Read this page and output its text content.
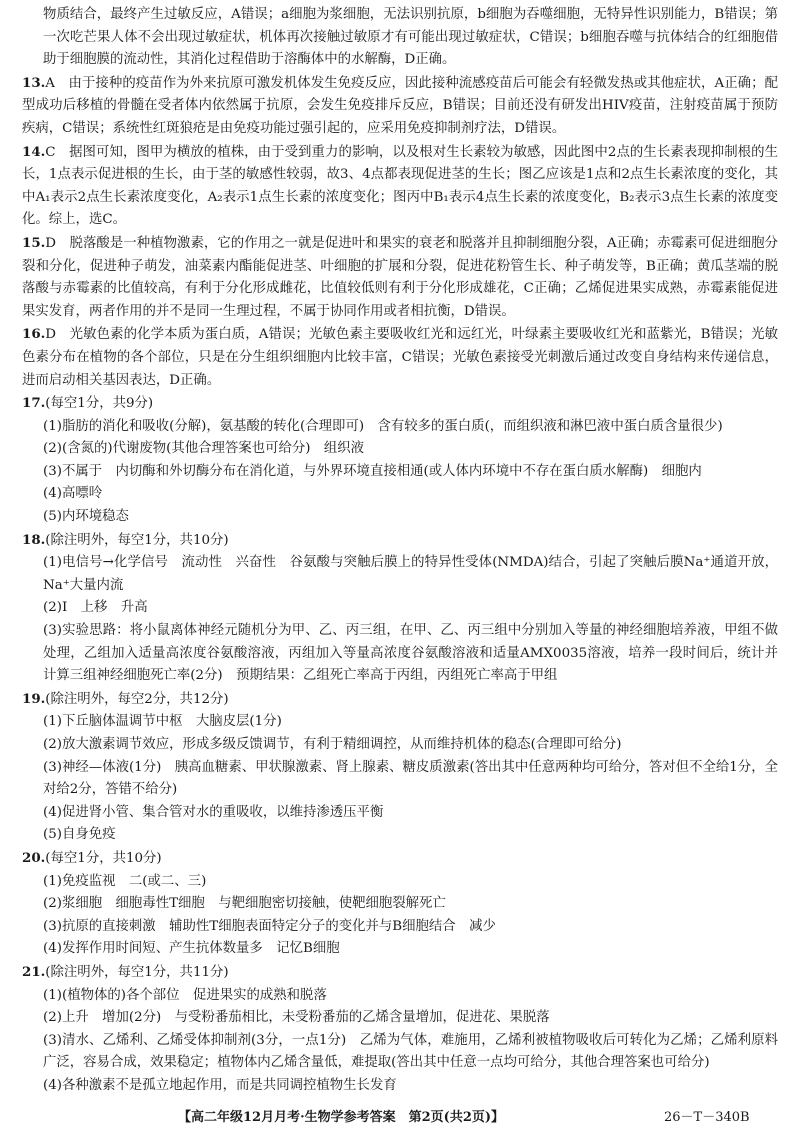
物质结合，最终产生过敏反应，A错误；a细胞为浆细胞，无法识别抗原，b细胞为吞噬细胞，无特异性识别能力，B错误；第一次吃芒果人体不会出现过敏症状，机体再次接触过敏原才有可能出现过敏症状，C错误；b细胞吞噬与抗体结合的红细胞借助于细胞膜的流动性，其消化过程借助于溶酶体中的水解酶，D正确。
13.A　由于接种的疫苗作为外来抗原可激发机体发生免疫反应，因此接种流感疫苗后可能会有轻微发热或其他症状，A正确；配型成功后移植的骨髓在受者体内依然属于抗原，会发生免疫排斥反应，B错误；目前还没有研发出HIV疫苗，注射疫苗属于预防疾病，C错误；系统性红斑狼疮是由免疫功能过强引起的，应采用免疫抑制剂疗法，D错误。
14.C　据图可知，图甲为横放的植株，由于受到重力的影响，以及根对生长素较为敏感，因此图中2点的生长素表现抑制根的生长，1点表示促进根的生长，由于茎的敏感性较弱，故3、4点都表现促进茎的生长；图乙应该是1点和2点生长素浓度的变化，其中A₁表示2点生长素浓度变化，A₂表示1点生长素的浓度变化；图丙中B₁表示4点生长素的浓度变化，B₂表示3点生长素的浓度变化。综上，选C。
15.D　脱落酸是一种植物激素，它的作用之一就是促进叶和果实的衰老和脱落并且抑制细胞分裂，A正确；赤霉素可促进细胞分裂和分化，促进种子萌发，油菜素内酯能促进茎、叶细胞的扩展和分裂，促进花粉管生长、种子萌发等，B正确；黄瓜茎端的脱落酸与赤霉素的比值较高，有利于分化形成雌花，比值较低则有利于分化形成雄花，C正确；乙烯促进果实成熟，赤霉素能促进果实发育，两者作用的并不是同一生理过程，不属于协同作用或者相抗衡，D错误。
16.D　光敏色素的化学本质为蛋白质，A错误；光敏色素主要吸收红光和远红光，叶绿素主要吸收红光和蓝紫光，B错误；光敏色素分布在植物的各个部位，只是在分生组织细胞内比较丰富，C错误；光敏色素接受光刺激后通过改变自身结构来传递信息，进而启动相关基因表达，D正确。
17.(每空1分，共9分)
(1)脂肪的消化和吸收(分解)，氨基酸的转化(合理即可)　含有较多的蛋白质(，而组织液和淋巴液中蛋白质含量很少)
(2)(含氮的)代谢废物(其他合理答案也可给分)　组织液
(3)不属于　内切酶和外切酶分布在消化道，与外界环境直接相通(或人体内环境中不存在蛋白质水解酶)　细胞内
(4)高嘌呤
(5)内环境稳态
18.(除注明外，每空1分，共10分)
(1)电信号→化学信号　流动性　兴奋性　谷氨酸与突触后膜上的特异性受体(NMDA)结合，引起了突触后膜Na⁺通道开放，Na⁺大量内流
(2)Ⅰ　上移　升高
(3)实验思路：将小鼠离体神经元随机分为甲、乙、丙三组，在甲、乙、丙三组中分别加入等量的神经细胞培养液，甲组不做处理，乙组加入适量高浓度谷氨酸溶液，丙组加入等量高浓度谷氨酸溶液和适量AMX0035溶液，培养一段时间后，统计并计算三组神经细胞死亡率(2分)　预期结果：乙组死亡率高于丙组，丙组死亡率高于甲组
19.(除注明外，每空2分，共12分)
(1)下丘脑体温调节中枢　大脑皮层(1分)
(2)放大激素调节效应，形成多级反馈调节，有利于精细调控，从而维持机体的稳态(合理即可给分)
(3)神经—体液(1分)　胰高血糖素、甲状腺激素、肾上腺素、糖皮质激素(答出其中任意两种均可给分，答对但不全给1分，全对给2分，答错不给分)
(4)促进肾小管、集合管对水的重吸收，以维持渗透压平衡
(5)自身免疫
20.(每空1分，共10分)
(1)免疫监视　二(或二、三)
(2)浆细胞　细胞毒性T细胞　与靶细胞密切接触，使靶细胞裂解死亡
(3)抗原的直接刺激　辅助性T细胞表面特定分子的变化并与B细胞结合　减少
(4)发挥作用时间短、产生抗体数量多　记忆B细胞
21.(除注明外，每空1分，共11分)
(1)(植物体的)各个部位　促进果实的成熟和脱落
(2)上升　增加(2分)　与受粉番茄相比，未受粉番茄的乙烯含量增加，促进花、果脱落
(3)清水、乙烯利、乙烯受体抑制剂(3分，一点1分)　乙烯为气体，难施用，乙烯利被植物吸收后可转化为乙烯；乙烯利原料广泛，容易合成，效果稳定；植物体内乙烯含量低，难提取(答出其中任意一点均可给分，其他合理答案也可给分)
(4)各种激素不是孤立地起作用，而是共同调控植物生长发育
【高二年级12月月考·生物学参考答案　第2页(共2页)】	26－T－340B
